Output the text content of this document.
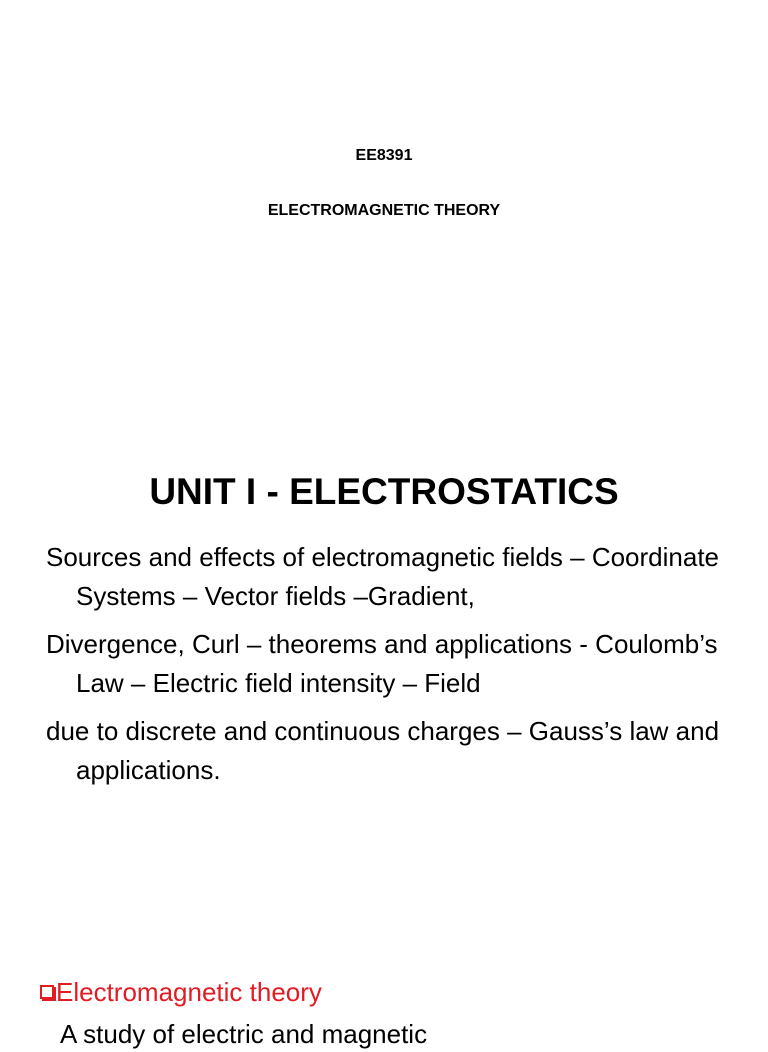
EE8391
ELECTROMAGNETIC THEORY
UNIT I - ELECTROSTATICS

Sources and effects of electromagnetic fields – Coordinate Systems – Vector fields –Gradient,

Divergence, Curl – theorems and applications - Coulomb’s Law – Electric field intensity – Field

due to discrete and continuous charges – Gauss’s law and applications.

Electromagnetic theory
A study of electric and magnetic
